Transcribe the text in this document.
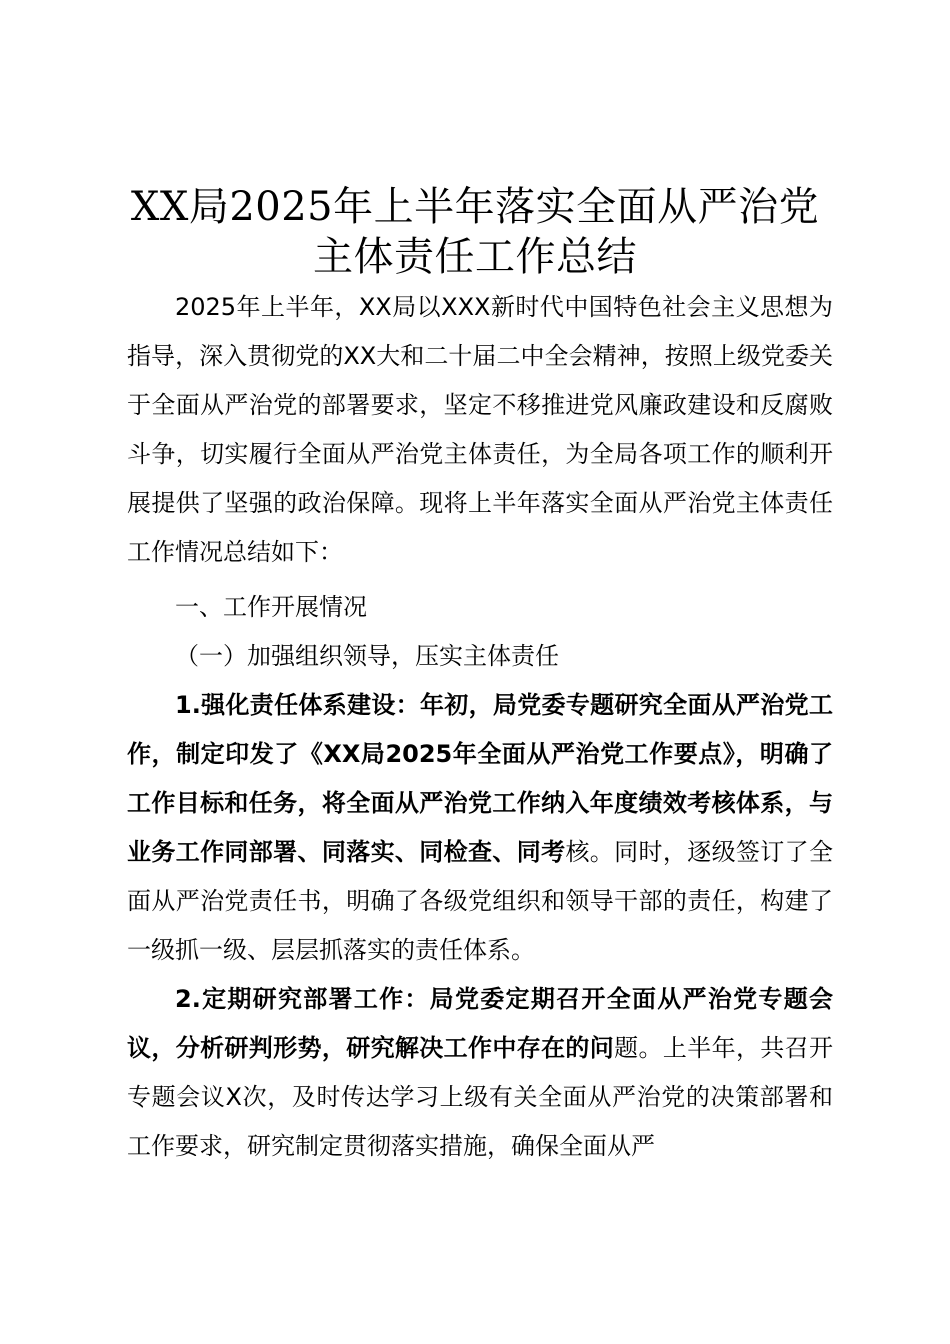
XX局2025年上半年落实全面从严治党
主体责任工作总结

2025年上半年，XX局以XXX新时代中国特色社会主义思想为指导，深入贯彻党的XX大和二十届二中全会精神，按照上级党委关于全面从严治党的部署要求，坚定不移推进党风廉政建设和反腐败斗争，切实履行全面从严治党主体责任，为全局各项工作的顺利开展提供了坚强的政治保障。现将上半年落实全面从严治党主体责任工作情况总结如下：

一、工作开展情况

（一）加强组织领导，压实主体责任

1.强化责任体系建设：年初，局党委专题研究全面从严治党工作，制定印发了《XX局2025年全面从严治党工作要点》，明确了工作目标和任务，将全面从严治党工作纳入年度绩效考核体系，与业务工作同部署、同落实、同检查、同考核。同时，逐级签订了全面从严治党责任书，明确了各级党组织和领导干部的责任，构建了一级抓一级、层层抓落实的责任体系。

2.定期研究部署工作：局党委定期召开全面从严治党专题会议，分析研判形势，研究解决工作中存在的问题。上半年，共召开专题会议X次，及时传达学习上级有关全面从严治党的决策部署和工作要求，研究制定贯彻落实措施，确保全面从严
